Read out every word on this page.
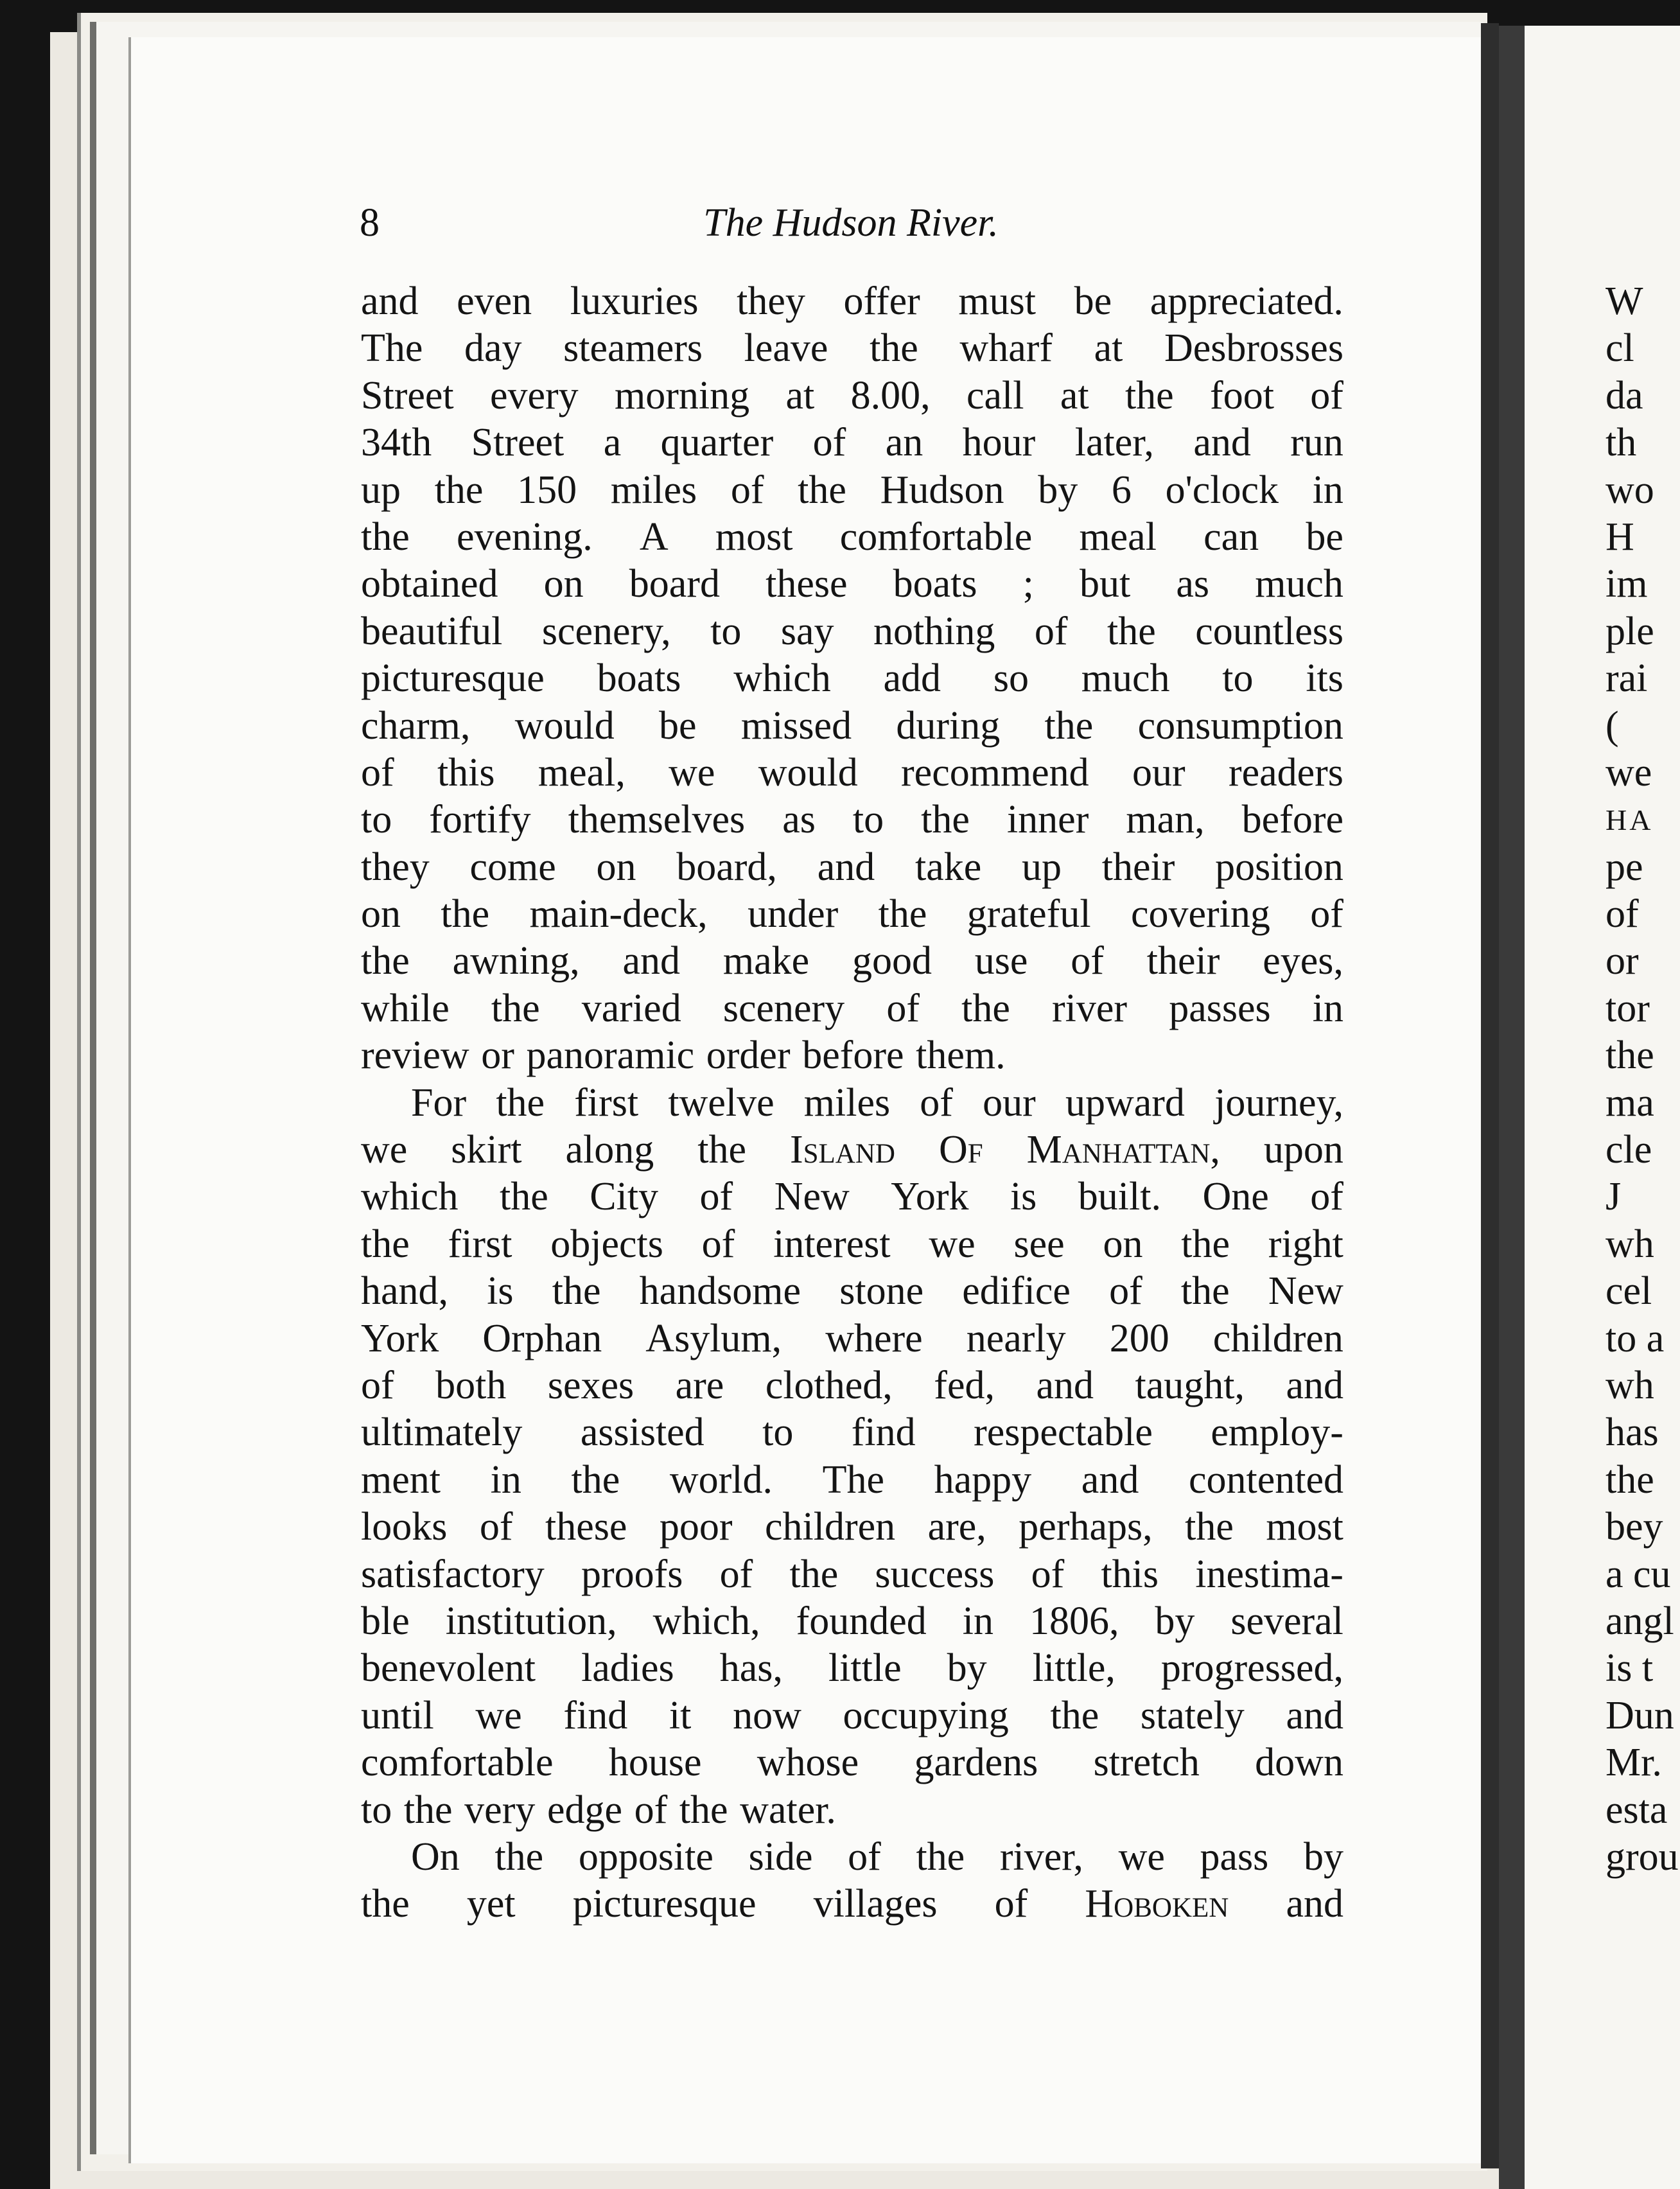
8	The Hudson River.
and even luxuries they offer must be appreciated.
The day steamers leave the wharf at Desbrosses
Street every morning at 8.00, call at the foot of
34th Street a quarter of an hour later, and run
up the 150 miles of the Hudson by 6 o'clock in
the evening. A most comfortable meal can be
obtained on board these boats ; but as much
beautiful scenery, to say nothing of the countless
picturesque boats which add so much to its
charm, would be missed during the consumption
of this meal, we would recommend our readers
to fortify themselves as to the inner man, before
they come on board, and take up their position
on the main-deck, under the grateful covering of
the awning, and make good use of their eyes,
while the varied scenery of the river passes in
review or panoramic order before them.
For the first twelve miles of our upward journey,
we skirt along the Island Of Manhattan, upon
which the City of New York is built. One of
the first objects of interest we see on the right
hand, is the handsome stone edifice of the New
York Orphan Asylum, where nearly 200 children
of both sexes are clothed, fed, and taught, and
ultimately assisted to find respectable employ-
ment in the world. The happy and contented
looks of these poor children are, perhaps, the most
satisfactory proofs of the success of this inestima-
ble institution, which, founded in 1806, by several
benevolent ladies has, little by little, progressed,
until we find it now occupying the stately and
comfortable house whose gardens stretch down
to the very edge of the water.
On the opposite side of the river, we pass by
the yet picturesque villages of Hoboken and
W
cl
da
th
wo
H
im
ple
rai
(
we
HA
pe
of
or
tor
the
ma
cle
J
wh
cel
to a
wh
has
the
bey
a cu
angl
is t
Dun
Mr.
esta
grou
